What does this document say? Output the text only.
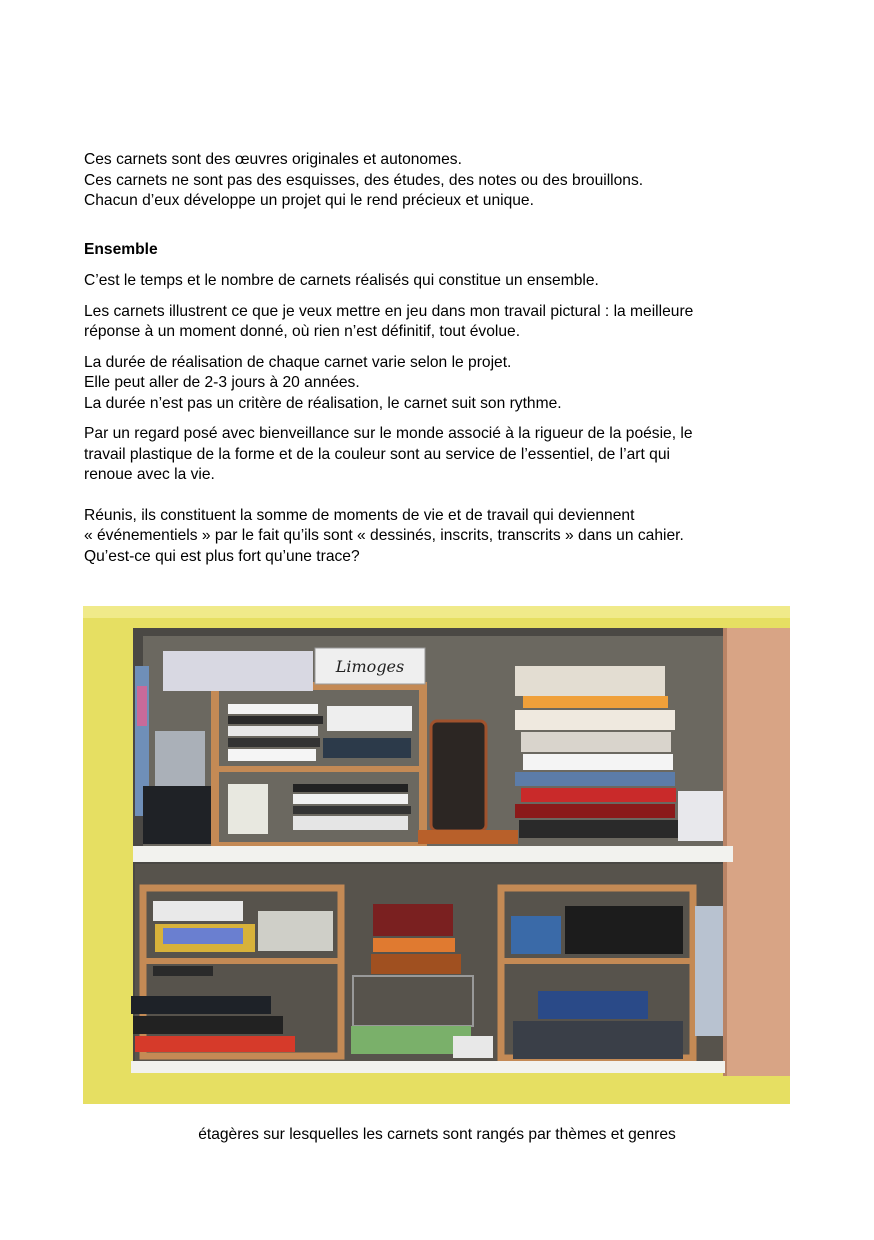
Ces carnets sont des œuvres originales et autonomes.

Ces carnets ne sont pas des esquisses, des études, des notes ou des brouillons.

Chacun d’eux développe un projet qui le rend précieux et unique.

Ensemble

C’est le temps et le nombre de carnets réalisés qui constitue un ensemble.

Les carnets illustrent ce que je veux mettre en jeu dans mon travail pictural : la meilleure

réponse à un moment donné, où rien n’est définitif, tout évolue.

La durée de réalisation de chaque carnet varie selon le projet.

Elle peut aller de 2-3 jours à 20 années.

La durée n’est pas un critère de réalisation, le carnet suit son rythme.

Par un regard posé avec bienveillance sur le monde associé à la rigueur de la poésie, le

travail plastique de la forme et de la couleur sont au service de l’essentiel, de l’art qui

renoue avec la vie.

Réunis, ils constituent la somme de moments de vie et de travail qui deviennent

« événementiels » par le fait qu’ils sont « dessinés, inscrits, transcrits » dans un cahier.

Qu’est-ce qui est plus fort qu’une trace?

Limoges
étagères sur lesquelles les carnets sont rangés par thèmes et genres
